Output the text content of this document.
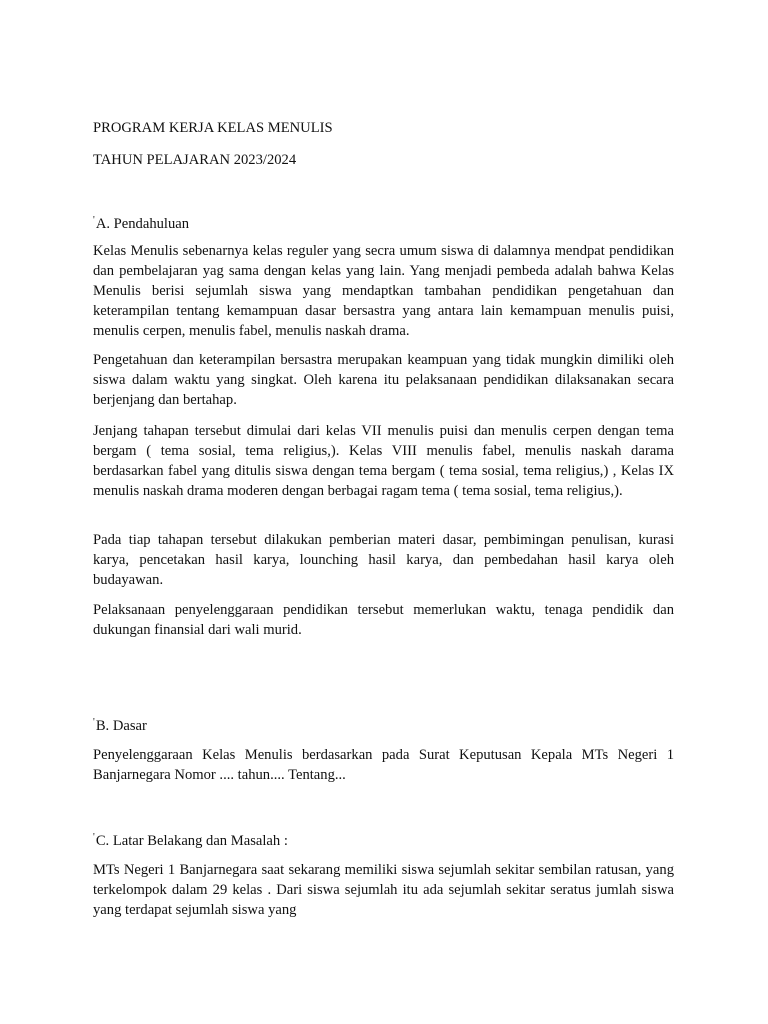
PROGRAM KERJA KELAS MENULIS

TAHUN PELAJARAN 2023/2024

'A. Pendahuluan

Kelas Menulis sebenarnya kelas reguler yang secra umum siswa di dalamnya mendpat pendidikan dan pembelajaran yag sama dengan kelas yang lain. Yang menjadi pembeda adalah bahwa Kelas Menulis berisi sejumlah siswa yang mendaptkan tambahan pendidikan pengetahuan dan keterampilan tentang kemampuan dasar bersastra yang antara lain kemampuan menulis puisi, menulis cerpen, menulis fabel, menulis naskah drama.

Pengetahuan dan keterampilan bersastra merupakan keampuan yang tidak mungkin dimiliki oleh siswa dalam waktu yang singkat. Oleh karena itu pelaksanaan pendidikan dilaksanakan secara berjenjang dan bertahap.

Jenjang tahapan tersebut dimulai dari kelas VII menulis puisi dan menulis cerpen dengan tema bergam ( tema sosial, tema religius,). Kelas VIII menulis fabel, menulis naskah darama berdasarkan fabel yang ditulis siswa dengan tema bergam ( tema sosial, tema religius,) , Kelas IX menulis naskah drama moderen dengan berbagai ragam tema ( tema sosial, tema religius,).

Pada tiap tahapan tersebut dilakukan pemberian materi dasar, pembimingan penulisan, kurasi karya, pencetakan hasil karya, lounching hasil karya, dan pembedahan hasil karya oleh budayawan.

Pelaksanaan penyelenggaraan pendidikan tersebut memerlukan waktu, tenaga pendidik dan dukungan finansial dari wali murid.

'B. Dasar

Penyelenggaraan Kelas Menulis berdasarkan pada Surat Keputusan Kepala MTs Negeri 1 Banjarnegara Nomor .... tahun.... Tentang...

'C. Latar Belakang dan Masalah :

MTs Negeri 1 Banjarnegara saat sekarang memiliki siswa sejumlah sekitar sembilan ratusan, yang terkelompok dalam 29 kelas . Dari siswa sejumlah itu ada sejumlah sekitar seratus jumlah siswa yang terdapat sejumlah siswa yang
